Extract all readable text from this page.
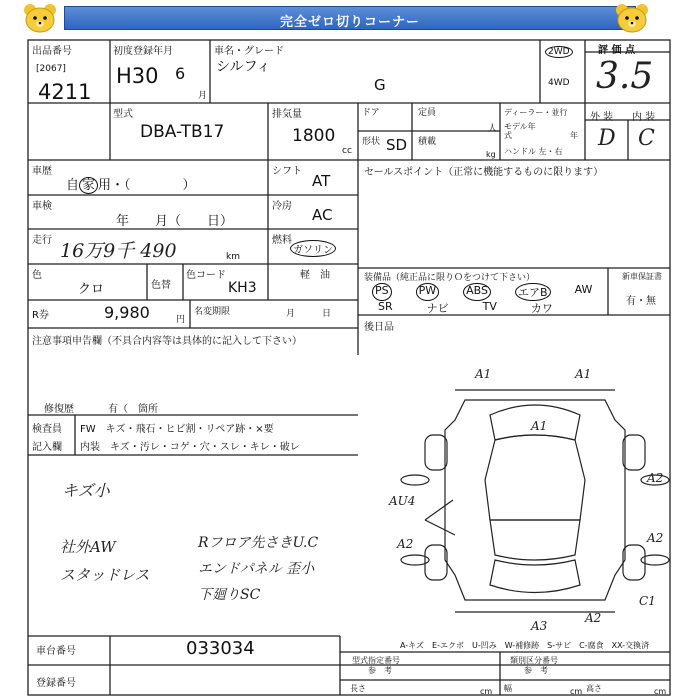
完全ゼロ切りコーナー
出品番号
[2067]
4211
初度登録年月
H30 6
月
車名・グレード
シルフィ
G
2WD
4WD
評 価 点
3.5
型式
DBA-TB17
排気量
1800
cc
ドア
形状 SD
定員
人
積載
kg
ディーラー・並行
モデル年式	年
ハンドル 左・右
外 装 内 装
D C
車歴
自 家 用・（　　　　）
車検
年　　月（　　日）
走行 16万9千 490	km
色
クロ	色替
色コード
KH3
R券	9,980	円
名変期限	月　　　日
シフト
AT
冷房 AC
燃料
ガソリン
軽　油
セールスポイント（正常に機能するものに限ります）
装備品（純正品に限りＯをつけて下さい）
PS	PW	ABS	エアB AW
SR	ナビ	TV	カワ
新車保証書
有・無
注意事項申告欄（不具合内容等は具体的に記入して下さい）
修復歴	有（　箇所
後日品
検査員 FW　キズ・飛石・ヒビ割・リペア跡・×要
記入欄 内装　キズ・汚レ・コゲ・穴・スレ・キレ・破レ
キズ小
社外AW
スタッドレス
Rフロア先さきU.C
エンドパネル 歪小
下廻りSC
A1	A1
A1
A2
AU4
A2	A2
C1
A3
A2
A-キズ　E-エクボ　U-凹み　W-補修跡　S-サビ　C-腐食　XX-交換済
車台番号	033034
登録番号
型式指定番号
参　考
類別区分番号
参　考
長さ	cm 幅	cm 高さ	cm
